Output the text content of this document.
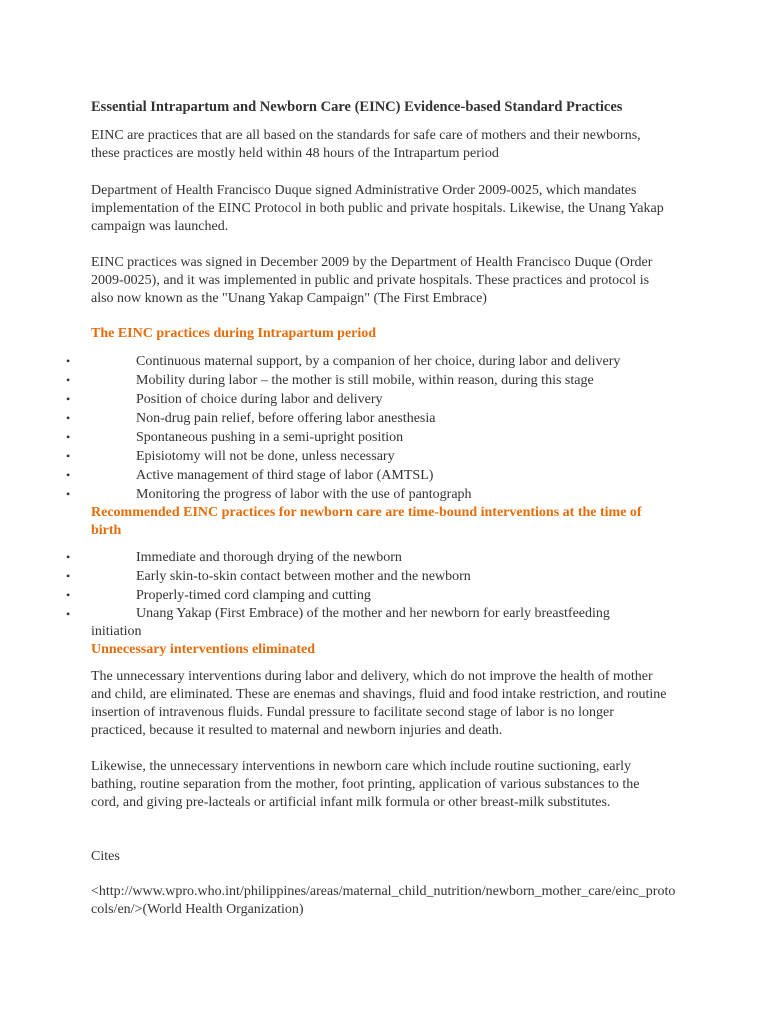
Essential Intrapartum and Newborn Care (EINC) Evidence-based Standard Practices

EINC are practices that are all based on the standards for safe care of mothers and their newborns, these practices are mostly held within 48 hours of the Intrapartum period

Department of Health Francisco Duque signed Administrative Order 2009-0025, which mandates implementation of the EINC Protocol in both public and private hospitals. Likewise, the Unang Yakap campaign was launched.

EINC practices was signed in December 2009 by the Department of Health Francisco Duque (Order 2009-0025), and it was implemented in public and private hospitals. These practices and protocol is also now known as the "Unang Yakap Campaign" (The First Embrace)

The EINC practices during Intrapartum period
•	Continuous maternal support, by a companion of her choice, during labor and delivery
•	Mobility during labor – the mother is still mobile, within reason, during this stage
•	Position of choice during labor and delivery
•	Non-drug pain relief, before offering labor anesthesia
•	Spontaneous pushing in a semi-upright position
•	Episiotomy will not be done, unless necessary
•	Active management of third stage of labor (AMTSL)
•	Monitoring the progress of labor with the use of pantograph
Recommended EINC practices for newborn care are time-bound interventions at the time of birth
•	Immediate and thorough drying of the newborn
•	Early skin-to-skin contact between mother and the newborn
•	Properly-timed cord clamping and cutting
•	Unang Yakap (First Embrace) of the mother and her newborn for early breastfeeding initiation
Unnecessary interventions eliminated

The unnecessary interventions during labor and delivery, which do not improve the health of mother and child, are eliminated. These are enemas and shavings, fluid and food intake restriction, and routine insertion of intravenous fluids. Fundal pressure to facilitate second stage of labor is no longer practiced, because it resulted to maternal and newborn injuries and death.

Likewise, the unnecessary interventions in newborn care which include routine suctioning, early bathing, routine separation from the mother, foot printing, application of various substances to the cord, and giving pre-lacteals or artificial infant milk formula or other breast-milk substitutes.

Cites

<http://www.wpro.who.int/philippines/areas/maternal_child_nutrition/newborn_mother_care/einc_protocols/en/>(World Health Organization)
